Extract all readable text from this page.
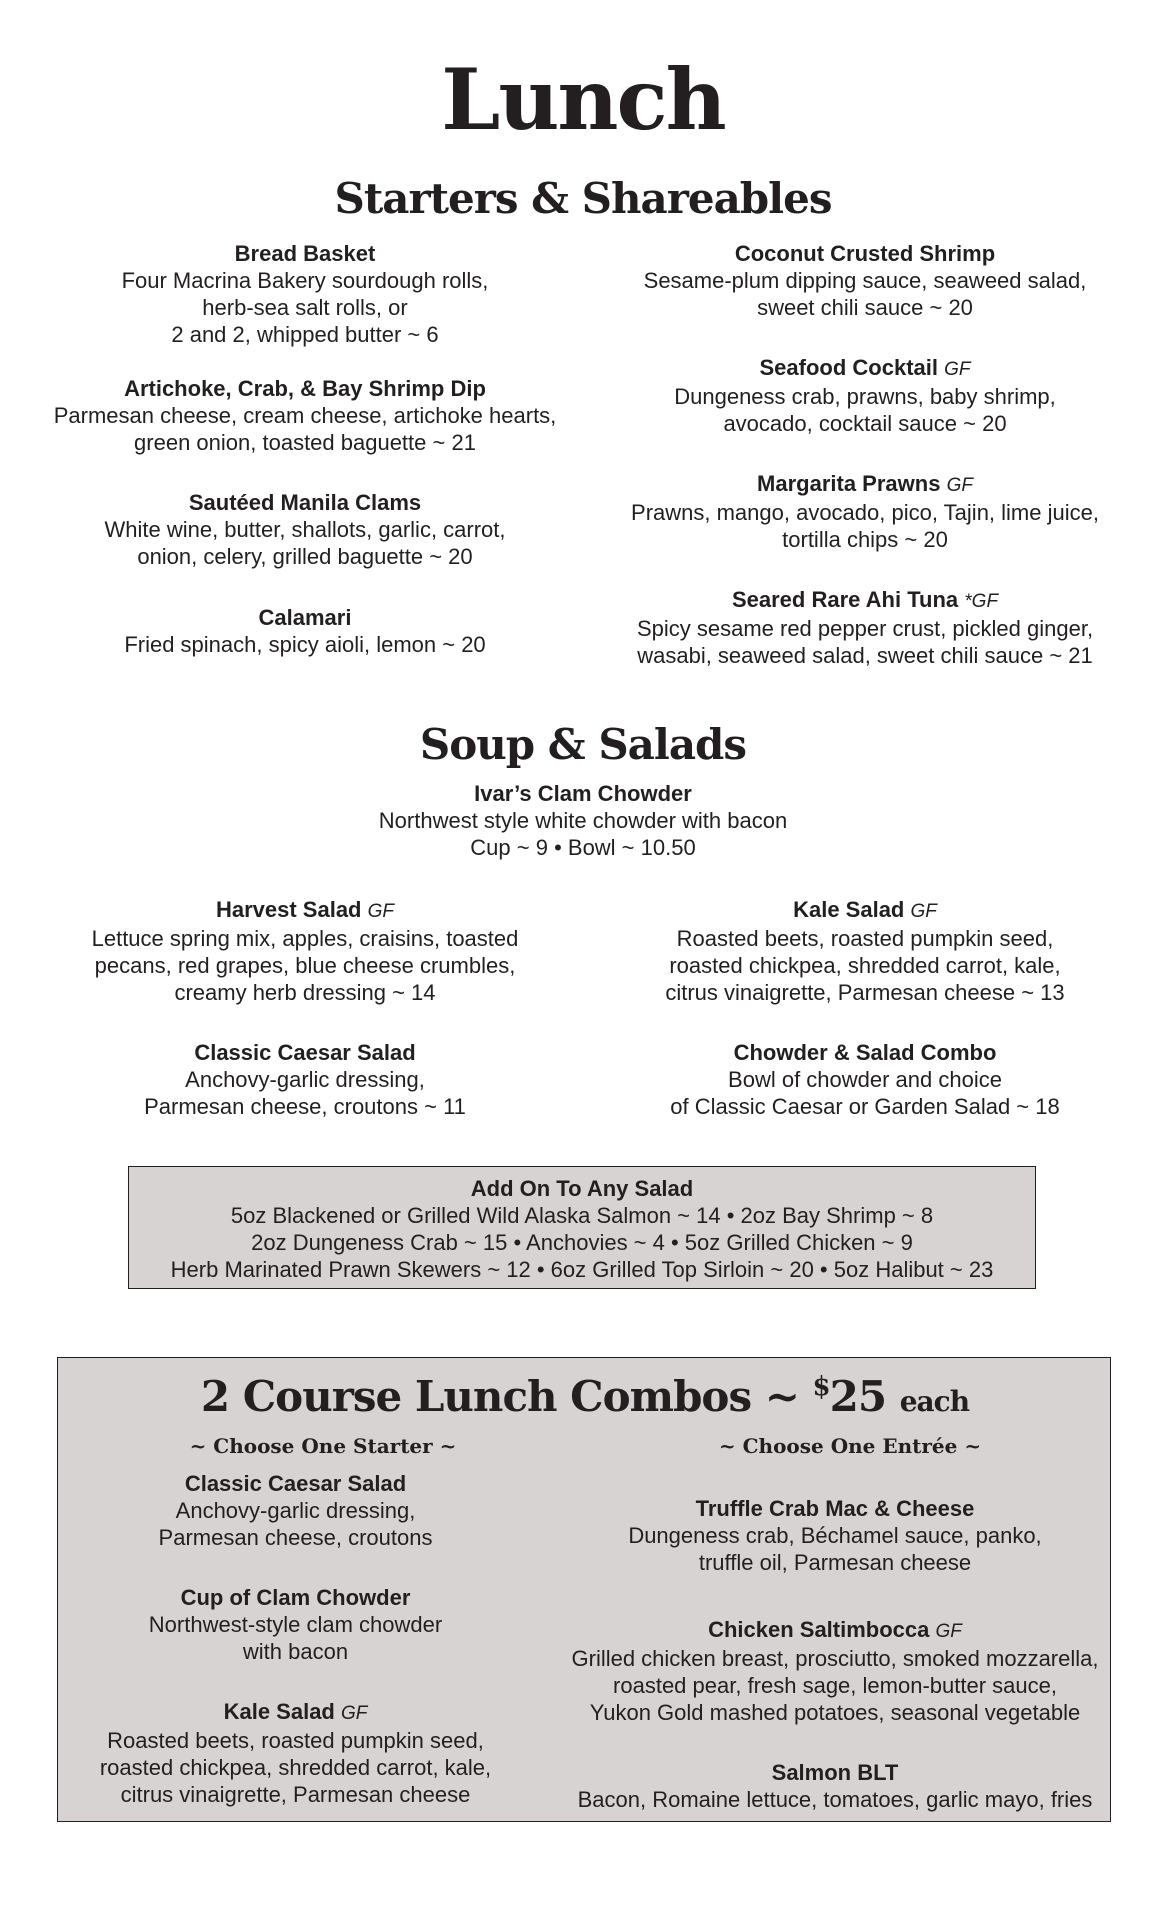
Lunch
Starters & Shareables
Bread Basket
Four Macrina Bakery sourdough rolls,
herb-sea salt rolls, or
2 and 2, whipped butter ~ 6
Artichoke, Crab, & Bay Shrimp Dip
Parmesan cheese, cream cheese, artichoke hearts,
green onion, toasted baguette ~ 21
Sautéed Manila Clams
White wine, butter, shallots, garlic, carrot,
onion, celery, grilled baguette ~ 20
Calamari
Fried spinach, spicy aioli, lemon ~ 20
Coconut Crusted Shrimp
Sesame-plum dipping sauce, seaweed salad,
sweet chili sauce ~ 20
Seafood Cocktail GF
Dungeness crab, prawns, baby shrimp,
avocado, cocktail sauce ~ 20
Margarita Prawns GF
Prawns, mango, avocado, pico, Tajin, lime juice,
tortilla chips ~ 20
Seared Rare Ahi Tuna *GF
Spicy sesame red pepper crust, pickled ginger,
wasabi, seaweed salad, sweet chili sauce ~ 21
Soup & Salads
Ivar’s Clam Chowder
Northwest style white chowder with bacon
Cup ~ 9 • Bowl ~ 10.50
Harvest Salad GF
Lettuce spring mix, apples, craisins, toasted
pecans, red grapes, blue cheese crumbles,
creamy herb dressing ~ 14
Classic Caesar Salad
Anchovy-garlic dressing,
Parmesan cheese, croutons ~ 11
Kale Salad GF
Roasted beets, roasted pumpkin seed,
roasted chickpea, shredded carrot, kale,
citrus vinaigrette, Parmesan cheese ~ 13
Chowder & Salad Combo
Bowl of chowder and choice
of Classic Caesar or Garden Salad ~ 18
Add On To Any Salad
5oz Blackened or Grilled Wild Alaska Salmon ~ 14 • 2oz Bay Shrimp ~ 8
2oz Dungeness Crab ~ 15 • Anchovies ~ 4 • 5oz Grilled Chicken ~ 9
Herb Marinated Prawn Skewers ~ 12 • 6oz Grilled Top Sirloin ~ 20 • 5oz Halibut ~ 23
2 Course Lunch Combos ~ $25 each
~ Choose One Starter ~	~ Choose One Entrée ~
Classic Caesar Salad
Anchovy-garlic dressing,
Parmesan cheese, croutons
Cup of Clam Chowder
Northwest-style clam chowder
with bacon
Kale Salad GF
Roasted beets, roasted pumpkin seed,
roasted chickpea, shredded carrot, kale,
citrus vinaigrette, Parmesan cheese
Truffle Crab Mac & Cheese
Dungeness crab, Béchamel sauce, panko,
truffle oil, Parmesan cheese
Chicken Saltimbocca GF
Grilled chicken breast, prosciutto, smoked mozzarella,
roasted pear, fresh sage, lemon-butter sauce,
Yukon Gold mashed potatoes, seasonal vegetable
Salmon BLT
Bacon, Romaine lettuce, tomatoes, garlic mayo, fries
